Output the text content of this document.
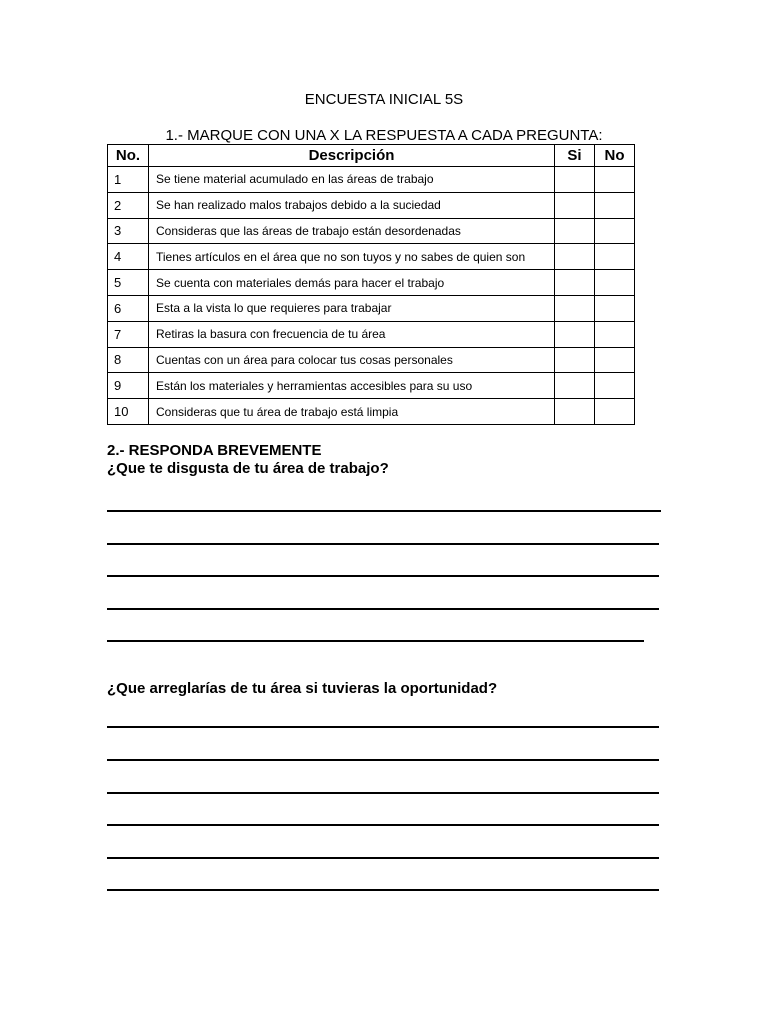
ENCUESTA INICIAL 5S
1.- MARQUE CON UNA X LA RESPUESTA A CADA PREGUNTA:
No.	Descripción	Si	No
1	Se tiene material acumulado en las áreas de trabajo		
2	Se han realizado malos trabajos debido a la suciedad		
3	Consideras que las áreas de trabajo están desordenadas		
4	Tienes artículos en el área que no son tuyos y no sabes de quien son		
5	Se cuenta con materiales demás para hacer el trabajo		
6	Esta a la vista lo que requieres para trabajar		
7	Retiras la basura con frecuencia de tu área		
8	Cuentas con un área para colocar tus cosas personales		
9	Están los materiales y herramientas accesibles para su uso		
10	Consideras que tu área de trabajo está limpia		
2.- RESPONDA BREVEMENTE
¿Que te disgusta de tu área de trabajo?
¿Que arreglarías de tu área si tuvieras la oportunidad?
